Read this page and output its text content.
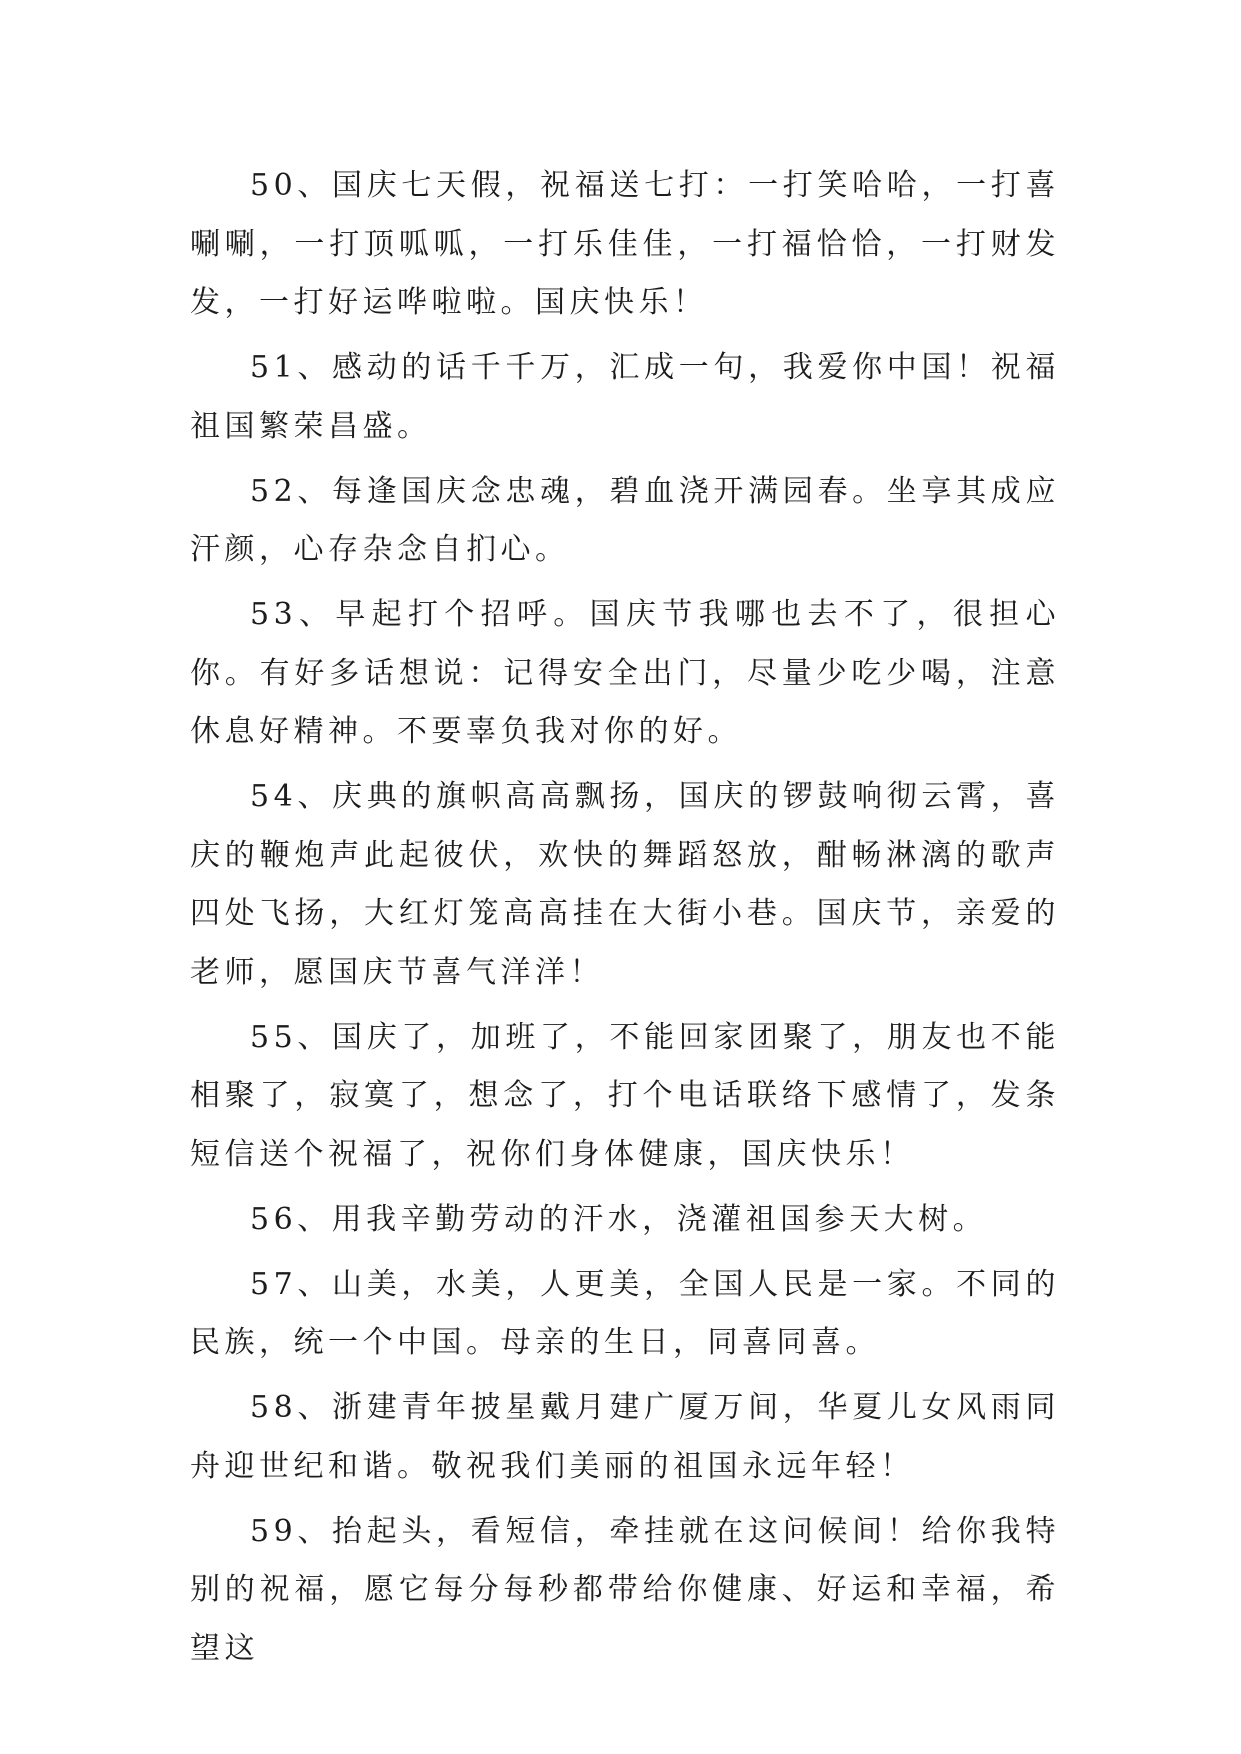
50、国庆七天假，祝福送七打：一打笑哈哈，一打喜唰唰，一打顶呱呱，一打乐佳佳，一打福恰恰，一打财发发，一打好运哗啦啦。国庆快乐！

51、感动的话千千万，汇成一句，我爱你中国！祝福祖国繁荣昌盛。

52、每逢国庆念忠魂，碧血浇开满园春。坐享其成应汗颜，心存杂念自扪心。

53、早起打个招呼。国庆节我哪也去不了，很担心你。有好多话想说：记得安全出门，尽量少吃少喝，注意休息好精神。不要辜负我对你的好。

54、庆典的旗帜高高飘扬，国庆的锣鼓响彻云霄，喜庆的鞭炮声此起彼伏，欢快的舞蹈怒放，酣畅淋漓的歌声四处飞扬，大红灯笼高高挂在大街小巷。国庆节，亲爱的老师，愿国庆节喜气洋洋！

55、国庆了，加班了，不能回家团聚了，朋友也不能相聚了，寂寞了，想念了，打个电话联络下感情了，发条短信送个祝福了，祝你们身体健康，国庆快乐！

56、用我辛勤劳动的汗水，浇灌祖国参天大树。

57、山美，水美，人更美，全国人民是一家。不同的民族，统一个中国。母亲的生日，同喜同喜。

58、浙建青年披星戴月建广厦万间，华夏儿女风雨同舟迎世纪和谐。敬祝我们美丽的祖国永远年轻！

59、抬起头，看短信，牵挂就在这问候间！给你我特别的祝福，愿它每分每秒都带给你健康、好运和幸福，希望这
